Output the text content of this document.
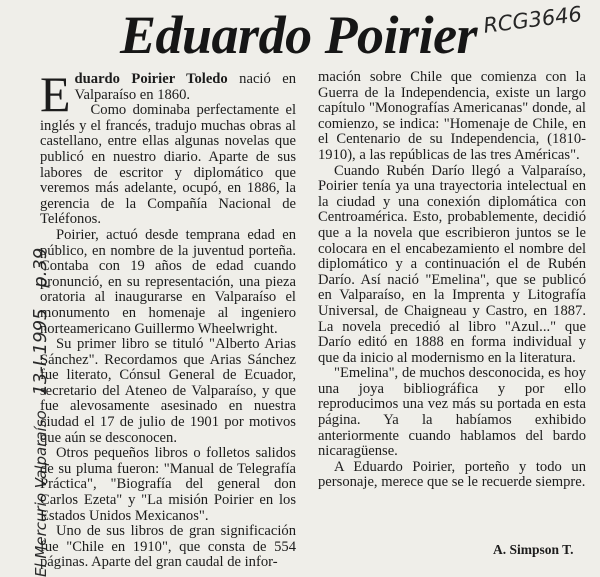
Eduardo Poirier RCG3646
El Mercurio Valparaíso 13-I-1995 p.39

Eduardo Poirier Toledo nació en Valparaíso en 1860.

Como dominaba perfectamente el inglés y el francés, tradujo muchas obras al castellano, entre ellas algunas novelas que publicó en nuestro diario. Aparte de sus labores de escritor y diplomático que veremos más adelante, ocupó, en 1886, la gerencia de la Compañía Nacional de Teléfonos.

Poirier, actuó desde temprana edad en público, en nombre de la juventud porteña. Contaba con 19 años de edad cuando pronunció, en su representación, una pieza oratoria al inaugurarse en Valparaíso el monumento en homenaje al ingeniero norteamericano Guillermo Wheelwright.

Su primer libro se tituló "Alberto Arias Sánchez". Recordamos que Arias Sánchez fue literato, Cónsul General de Ecuador, secretario del Ateneo de Valparaíso, y que fue alevosamente asesinado en nuestra ciudad el 17 de julio de 1901 por motivos que aún se desconocen.

Otros pequeños libros o folletos salidos de su pluma fueron: "Manual de Telegrafía Práctica", "Biografía del general don Carlos Ezeta" y "La misión Poirier en los Estados Unidos Mexicanos".

Uno de sus libros de gran significación fue "Chile en 1910", que consta de 554 páginas. Aparte del gran caudal de infor-

mación sobre Chile que comienza con la Guerra de la Independencia, existe un largo capítulo "Monografías Americanas" donde, al comienzo, se indica: "Homenaje de Chile, en el Centenario de su Independencia, (1810-1910), a las repúblicas de las tres Américas".

Cuando Rubén Darío llegó a Valparaíso, Poirier tenía ya una trayectoria intelectual en la ciudad y una conexión diplomática con Centroamérica. Esto, probablemente, decidió que a la novela que escribieron juntos se le colocara en el encabezamiento el nombre del diplomático y a continuación el de Rubén Darío. Así nació "Emelina", que se publicó en Valparaíso, en la Imprenta y Litografía Universal, de Chaigneau y Castro, en 1887. La novela precedió al libro "Azul..." que Darío editó en 1888 en forma individual y que da inicio al modernismo en la literatura.

"Emelina", de muchos desconocida, es hoy una joya bibliográfica y por ello reproducimos una vez más su portada en esta página. Ya la habíamos exhibido anteriormente cuando hablamos del bardo nicaragüense.

A Eduardo Poirier, porteño y todo un personaje, merece que se le recuerde siempre.

A. Simpson T.
